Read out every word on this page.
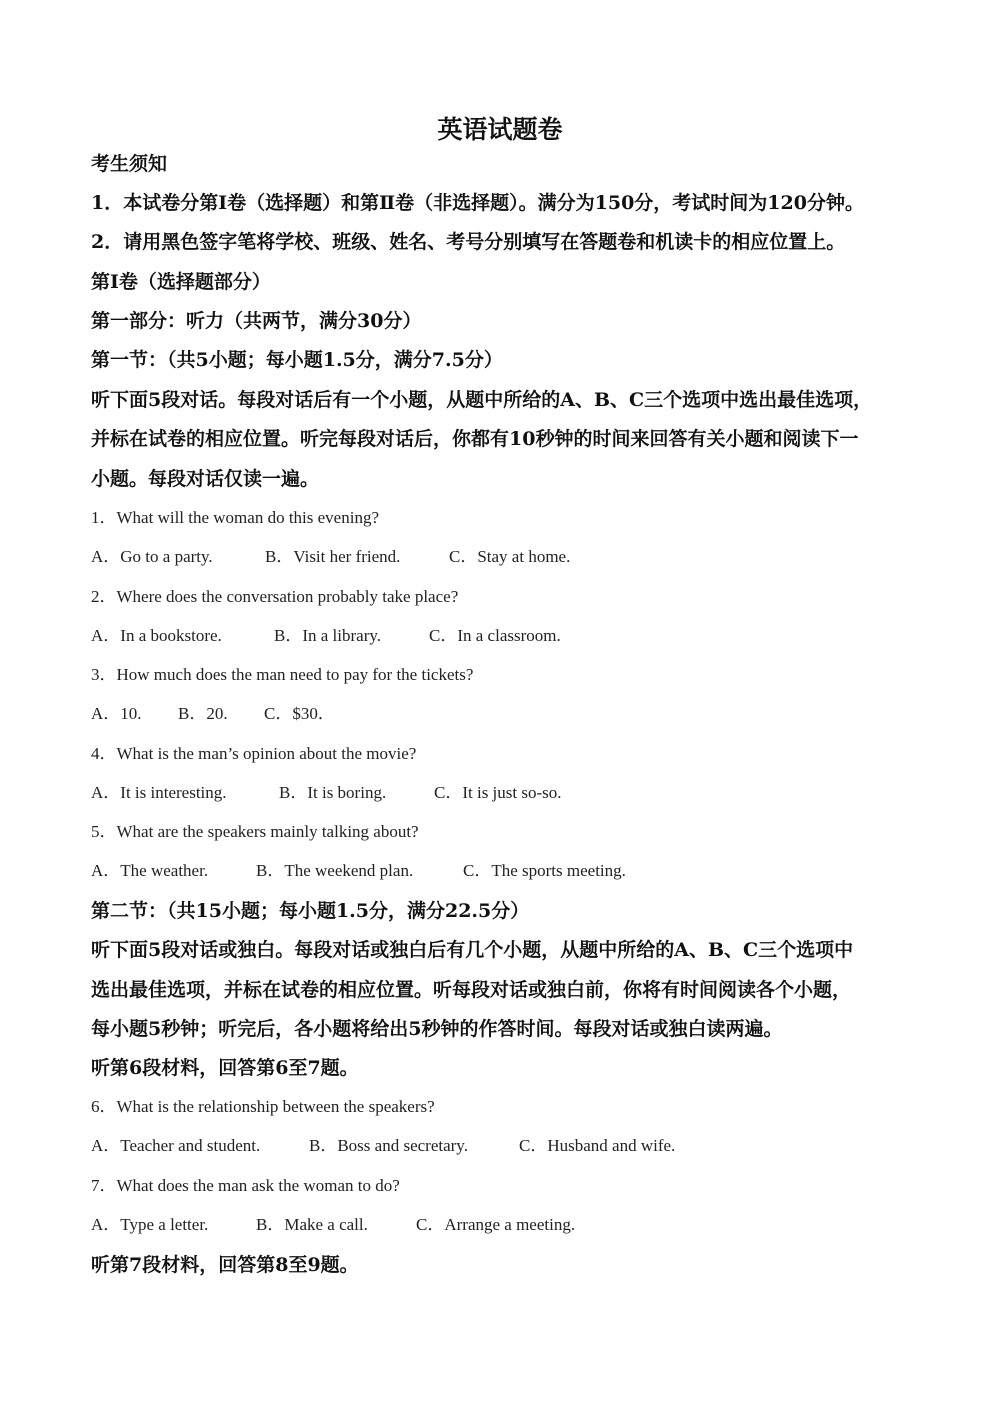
英语试题卷
考生须知
1．本试卷分第Ⅰ卷（选择题）和第Ⅱ卷（非选择题）。满分为150分，考试时间为120分钟。
2．请用黑色签字笔将学校、班级、姓名、考号分别填写在答题卷和机读卡的相应位置上。
第Ⅰ卷（选择题部分）
第一部分：听力（共两节，满分30分）
第一节：（共5小题；每小题1.5分，满分7.5分）
听下面5段对话。每段对话后有一个小题，从题中所给的A、B、C三个选项中选出最佳选项，
并标在试卷的相应位置。听完每段对话后，你都有10秒钟的时间来回答有关小题和阅读下一
小题。每段对话仅读一遍。
1．What will the woman do this evening?
A．Go to a party.	B．Visit her friend.	C．Stay at home.
2．Where does the conversation probably take place?
A．In a bookstore.	B．In a library.	C．In a classroom.
3．How much does the man need to pay for the tickets?
A．10. B．20. C．$30．
4．What is the man’s opinion about the movie?
A．It is interesting.	B．It is boring.	C．It is just so-so.
5．What are the speakers mainly talking about?
A．The weather.	B．The weekend plan.	C．The sports meeting.
第二节：（共15小题；每小题1.5分，满分22.5分）
听下面5段对话或独白。每段对话或独白后有几个小题，从题中所给的A、B、C三个选项中
选出最佳选项，并标在试卷的相应位置。听每段对话或独白前，你将有时间阅读各个小题，
每小题5秒钟；听完后，各小题将给出5秒钟的作答时间。每段对话或独白读两遍。
听第6段材料，回答第6至7题。
6．What is the relationship between the speakers?
A．Teacher and student.	B．Boss and secretary.	C．Husband and wife.
7．What does the man ask the woman to do?
A．Type a letter.	B．Make a call.	C．Arrange a meeting.
听第7段材料，回答第8至9题。
